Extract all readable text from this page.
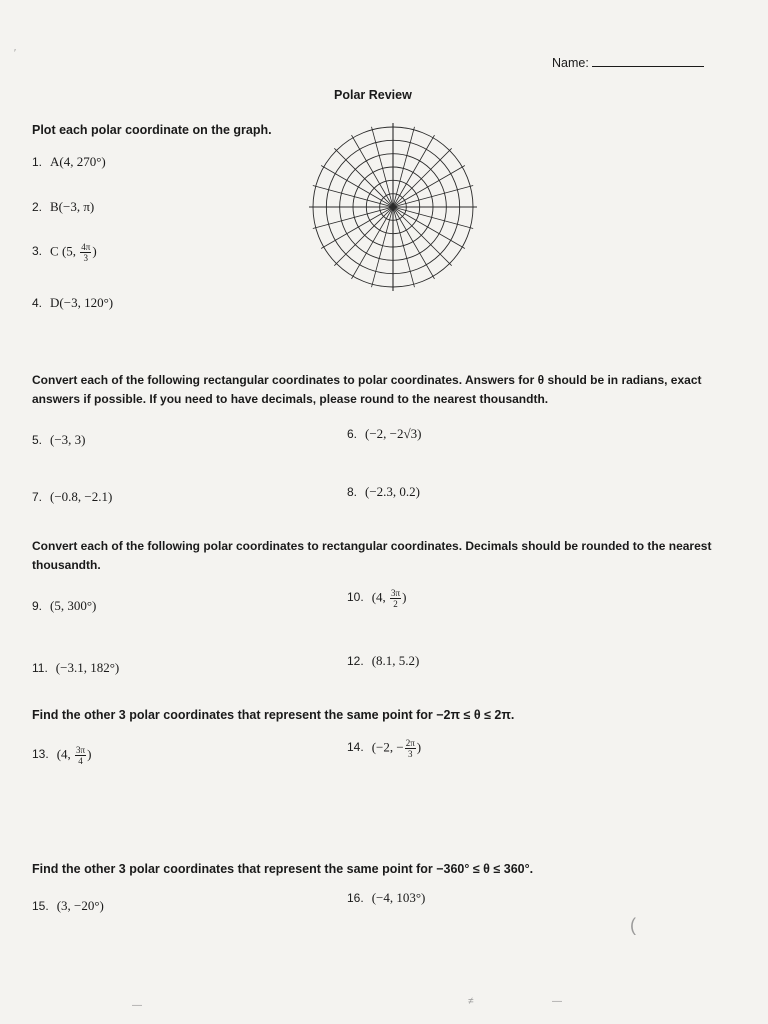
Name:
Polar Review
Plot each polar coordinate on the graph.
1. A(4, 270°)
2. B(−3, π)
3. C (5, $\frac{4\pi}{3}$ )
4. D(−3, 120°)
Convert each of the following rectangular coordinates to polar coordinates. Answers for θ should be in radians, exact answers if possible. If you need to have decimals, please round to the nearest thousandth.
5. (−3, 3)	6. (−2, −2√3)
7. (−0.8, −2.1)	8. (−2.3, 0.2)
Convert each of the following polar coordinates to rectangular coordinates. Decimals should be rounded to the nearest thousandth.
9. (5, 300°)
10. (4, $\frac{3\pi}{2}$ )
11. (−3.1, 182°)	12. (8.1, 5.2)
Find the other 3 polar coordinates that represent the same point for −2π ≤ θ ≤ 2π.
13. (4, $\frac{3\pi}{4}$ )	14. (−2, − $\frac{2\pi}{3}$ )
Find the other 3 polar coordinates that represent the same point for −360° ≤ θ ≤ 360°.
15. (3, −20°)	16. (−4, 103°)
′
(
—	≠	—
